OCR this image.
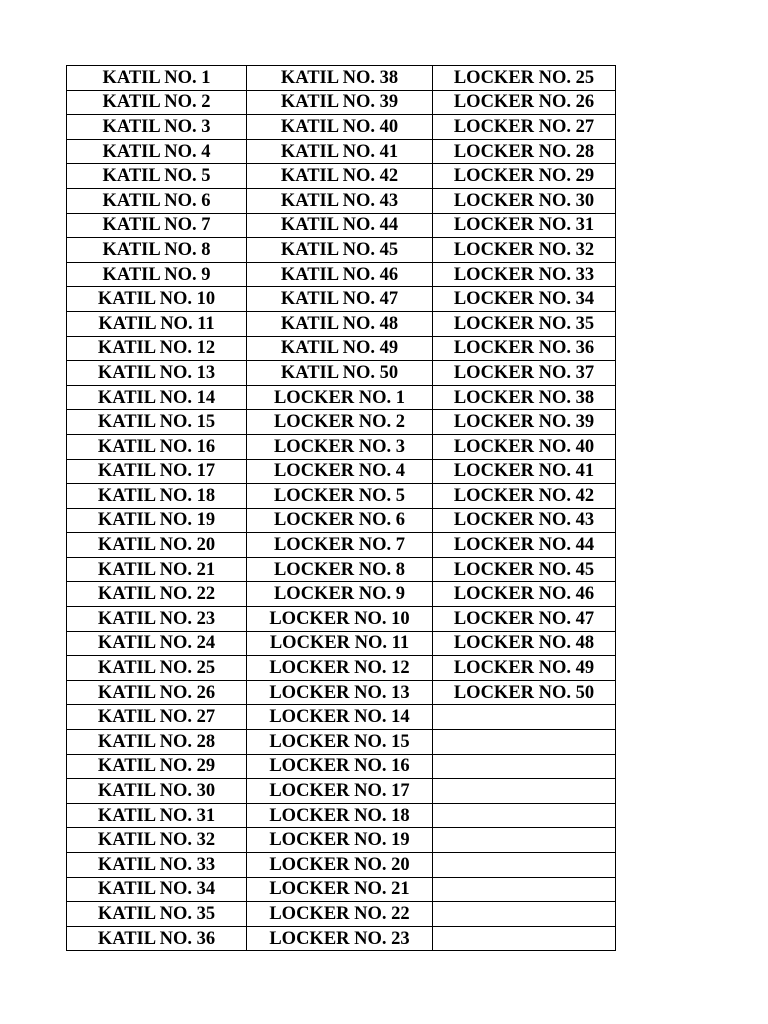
KATIL NO. 1	KATIL NO. 38	LOCKER NO. 25
KATIL NO. 2	KATIL NO. 39	LOCKER NO. 26
KATIL NO. 3	KATIL NO. 40	LOCKER NO. 27
KATIL NO. 4	KATIL NO. 41	LOCKER NO. 28
KATIL NO. 5	KATIL NO. 42	LOCKER NO. 29
KATIL NO. 6	KATIL NO. 43	LOCKER NO. 30
KATIL NO. 7	KATIL NO. 44	LOCKER NO. 31
KATIL NO. 8	KATIL NO. 45	LOCKER NO. 32
KATIL NO. 9	KATIL NO. 46	LOCKER NO. 33
KATIL NO. 10	KATIL NO. 47	LOCKER NO. 34
KATIL NO. 11	KATIL NO. 48	LOCKER NO. 35
KATIL NO. 12	KATIL NO. 49	LOCKER NO. 36
KATIL NO. 13	KATIL NO. 50	LOCKER NO. 37
KATIL NO. 14	LOCKER NO. 1	LOCKER NO. 38
KATIL NO. 15	LOCKER NO. 2	LOCKER NO. 39
KATIL NO. 16	LOCKER NO. 3	LOCKER NO. 40
KATIL NO. 17	LOCKER NO. 4	LOCKER NO. 41
KATIL NO. 18	LOCKER NO. 5	LOCKER NO. 42
KATIL NO. 19	LOCKER NO. 6	LOCKER NO. 43
KATIL NO. 20	LOCKER NO. 7	LOCKER NO. 44
KATIL NO. 21	LOCKER NO. 8	LOCKER NO. 45
KATIL NO. 22	LOCKER NO. 9	LOCKER NO. 46
KATIL NO. 23	LOCKER NO. 10	LOCKER NO. 47
KATIL NO. 24	LOCKER NO. 11	LOCKER NO. 48
KATIL NO. 25	LOCKER NO. 12	LOCKER NO. 49
KATIL NO. 26	LOCKER NO. 13	LOCKER NO. 50
KATIL NO. 27	LOCKER NO. 14	
KATIL NO. 28	LOCKER NO. 15	
KATIL NO. 29	LOCKER NO. 16	
KATIL NO. 30	LOCKER NO. 17	
KATIL NO. 31	LOCKER NO. 18	
KATIL NO. 32	LOCKER NO. 19	
KATIL NO. 33	LOCKER NO. 20	
KATIL NO. 34	LOCKER NO. 21	
KATIL NO. 35	LOCKER NO. 22	
KATIL NO. 36	LOCKER NO. 23	
